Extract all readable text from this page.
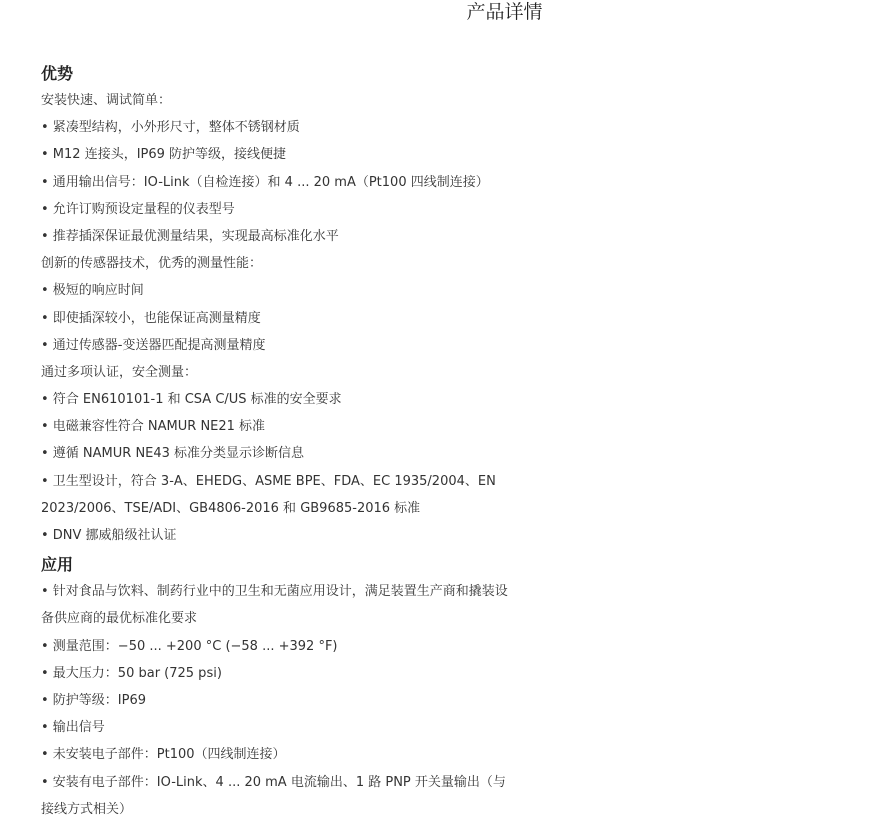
产品详情
优势
安装快速、调试简单：
• 紧凑型结构，小外形尺寸，整体不锈钢材质
• M12 连接头，IP69 防护等级，接线便捷
• 通用输出信号：IO-Link（自检连接）和 4 ... 20 mA（Pt100 四线制连接）
• 允许订购预设定量程的仪表型号
• 推荐插深保证最优测量结果，实现最高标准化水平
创新的传感器技术，优秀的测量性能：
• 极短的响应时间
• 即使插深较小，也能保证高测量精度
• 通过传感器-变送器匹配提高测量精度
通过多项认证，安全测量：
• 符合 EN610101-1 和 CSA C/US 标准的安全要求
• 电磁兼容性符合 NAMUR NE21 标准
• 遵循 NAMUR NE43 标准分类显示诊断信息
• 卫生型设计，符合 3-A、EHEDG、ASME BPE、FDA、EC 1935/2004、EN
2023/2006、TSE/ADI、GB4806-2016 和 GB9685-2016 标准
• DNV 挪威船级社认证
应用
• 针对食品与饮料、制药行业中的卫生和无菌应用设计，满足装置生产商和撬装设
备供应商的最优标准化要求
• 测量范围：−50 ... +200 °C (−58 ... +392 °F)
• 最大压力：50 bar (725 psi)
• 防护等级：IP69
• 输出信号
• 未安装电子部件：Pt100（四线制连接）
• 安装有电子部件：IO-Link、4 ... 20 mA 电流输出、1 路 PNP 开关量输出（与
接线方式相关）
